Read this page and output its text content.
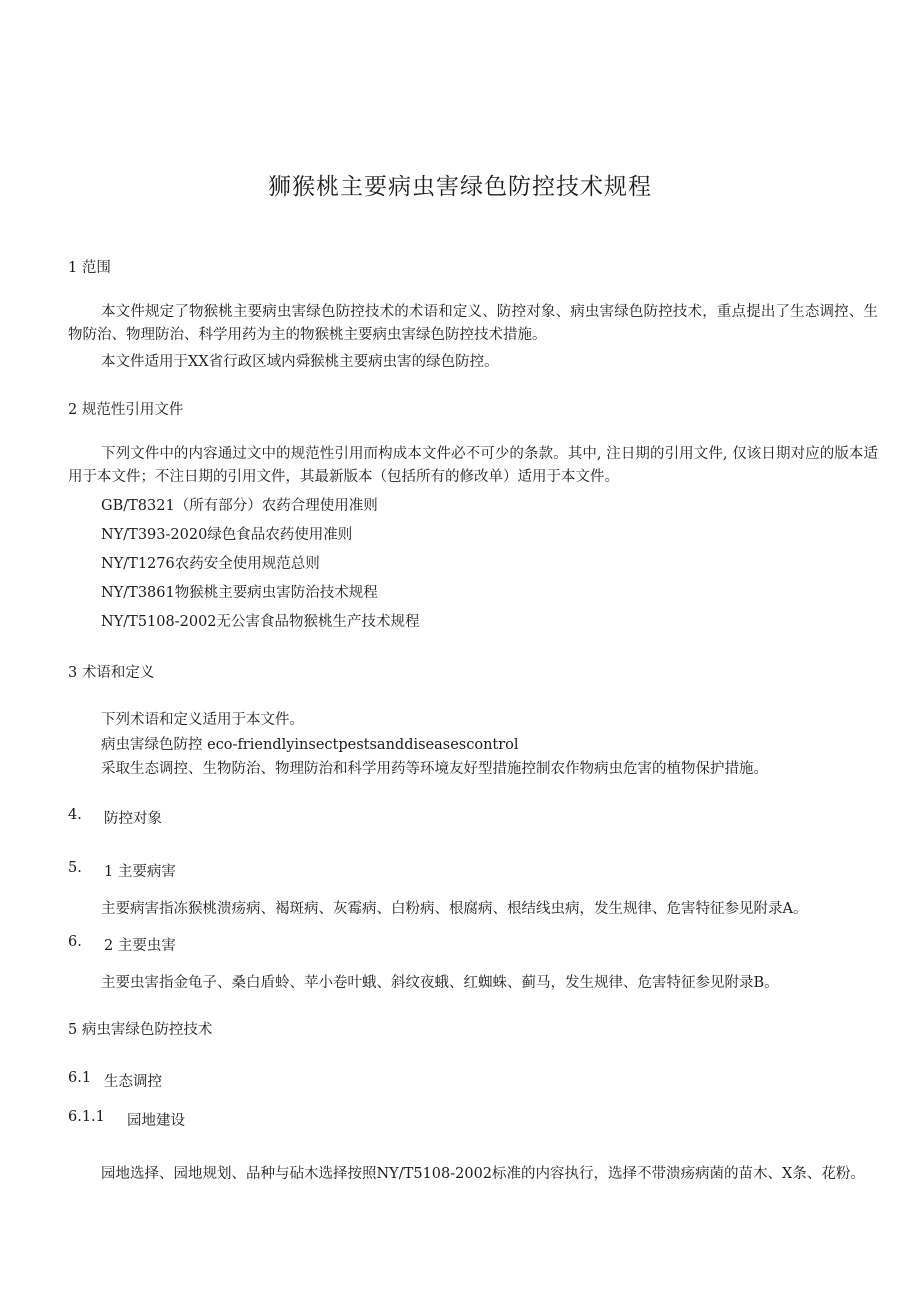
狮猴桃主要病虫害绿色防控技术规程
1 范围
本文件规定了物猴桃主要病虫害绿色防控技术的术语和定义、防控对象、病虫害绿色防控技术，重点提出了生态调控、生物防治、物理防治、科学用药为主的物猴桃主要病虫害绿色防控技术措施。
本文件适用于XX省行政区域内舜猴桃主要病虫害的绿色防控。
2 规范性引用文件
下列文件中的内容通过文中的规范性引用而构成本文件必不可少的条款。其中, 注日期的引用文件, 仅该日期对应的版本适用于本文件；不注日期的引用文件，其最新版本（包括所有的修改单）适用于本文件。
GB/T8321（所有部分）农药合理使用准则
NY/T393-2020绿色食品农药使用准则
NY/T1276农药安全使用规范总则
NY/T3861物猴桃主要病虫害防治技术规程
NY/T5108-2002无公害食品物猴桃生产技术规程
3 术语和定义
下列术语和定义适用于本文件。
病虫害绿色防控 eco-friendlyinsectpestsanddiseasescontrol
采取生态调控、生物防治、物理防治和科学用药等环境友好型措施控制农作物病虫危害的植物保护措施。
4. 防控对象
5. 1 主要病害
主要病害指冻猴桃溃疡病、褐斑病、灰霉病、白粉病、根腐病、根结线虫病，发生规律、危害特征参见附录A。
6. 2 主要虫害
主要虫害指金龟子、桑白盾蛉、苹小卷叶蛾、斜纹夜蛾、红蜘蛛、蓟马，发生规律、危害特征参见附录B。
5 病虫害绿色防控技术
6.1 生态调控
6.1.1 园地建设
园地选择、园地规划、品种与砧木选择按照NY/T5108-2002标准的内容执行，选择不带溃疡病菌的苗木、X条、花粉。
